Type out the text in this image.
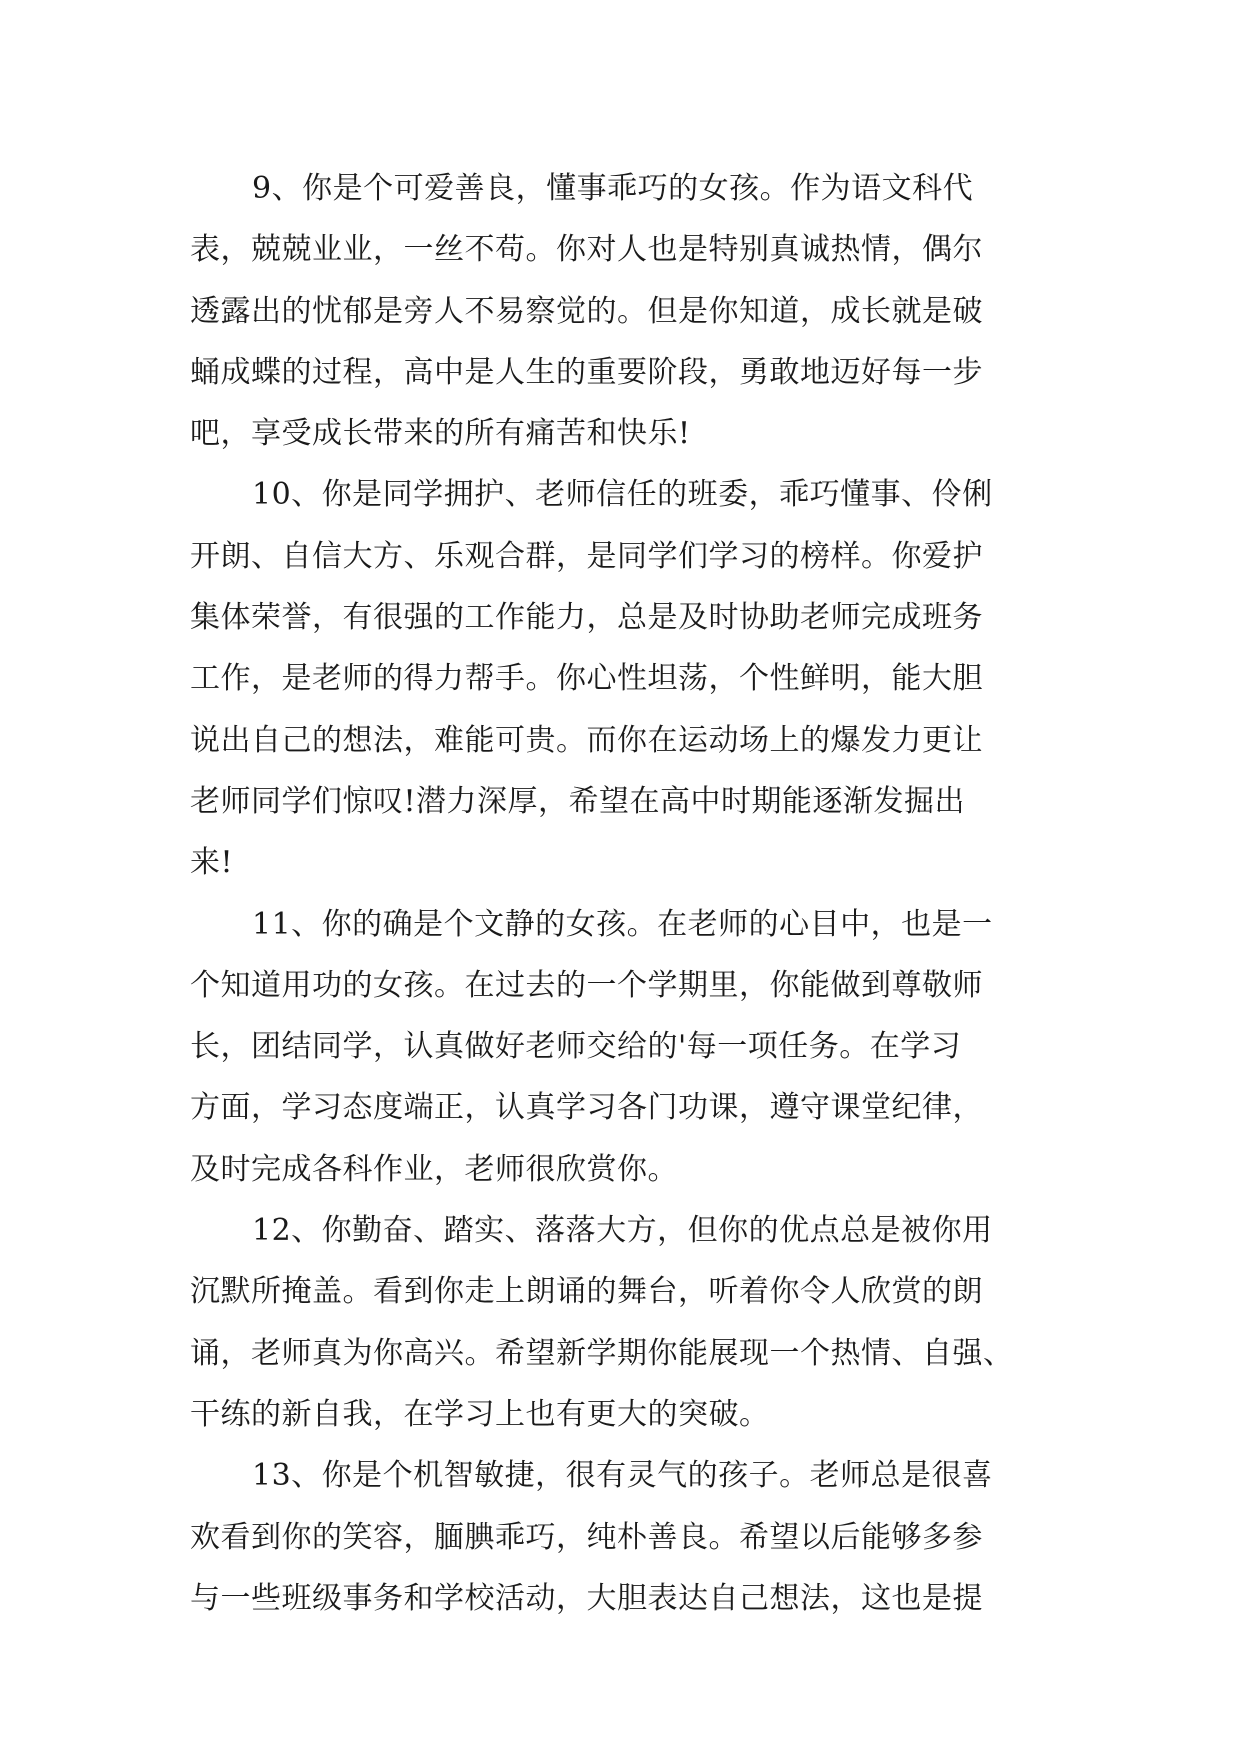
9、你是个可爱善良，懂事乖巧的女孩。作为语文科代
表，兢兢业业，一丝不苟。你对人也是特别真诚热情，偶尔
透露出的忧郁是旁人不易察觉的。但是你知道，成长就是破
蛹成蝶的过程，高中是人生的重要阶段，勇敢地迈好每一步
吧，享受成长带来的所有痛苦和快乐!
10、你是同学拥护、老师信任的班委，乖巧懂事、伶俐
开朗、自信大方、乐观合群，是同学们学习的榜样。你爱护
集体荣誉，有很强的工作能力，总是及时协助老师完成班务
工作，是老师的得力帮手。你心性坦荡，个性鲜明，能大胆
说出自己的想法，难能可贵。而你在运动场上的爆发力更让
老师同学们惊叹!潜力深厚，希望在高中时期能逐渐发掘出
来!
11、你的确是个文静的女孩。在老师的心目中，也是一
个知道用功的女孩。在过去的一个学期里，你能做到尊敬师
长，团结同学，认真做好老师交给的'每一项任务。在学习
方面，学习态度端正，认真学习各门功课，遵守课堂纪律，
及时完成各科作业，老师很欣赏你。
12、你勤奋、踏实、落落大方，但你的优点总是被你用
沉默所掩盖。看到你走上朗诵的舞台，听着你令人欣赏的朗
诵，老师真为你高兴。希望新学期你能展现一个热情、自强、
干练的新自我，在学习上也有更大的突破。
13、你是个机智敏捷，很有灵气的孩子。老师总是很喜
欢看到你的笑容，腼腆乖巧，纯朴善良。希望以后能够多参
与一些班级事务和学校活动，大胆表达自己想法，这也是提
